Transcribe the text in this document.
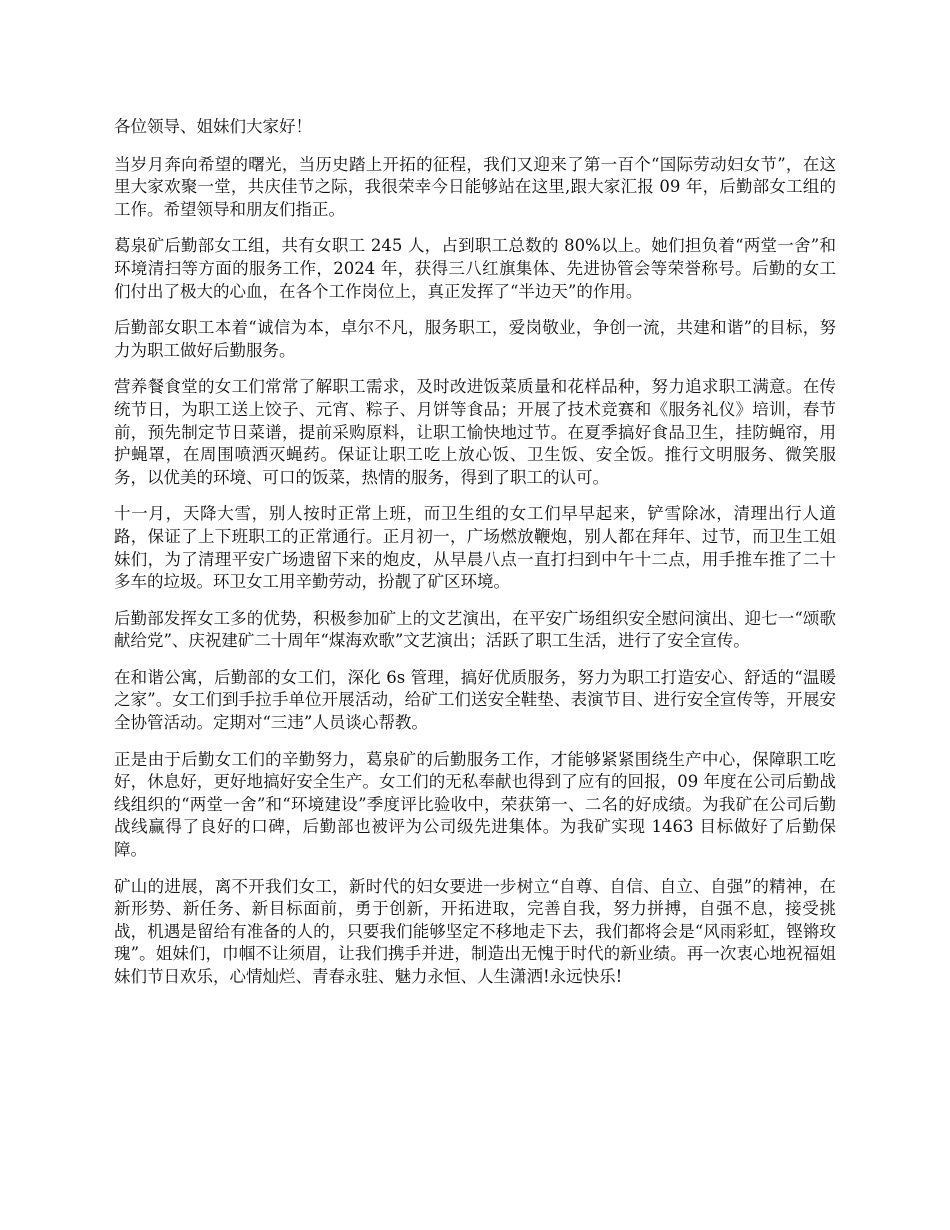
各位领导、姐妹们大家好！

当岁月奔向希望的曙光，当历史踏上开拓的征程，我们又迎来了第一百个“国际劳动妇女节”，在这里大家欢聚一堂，共庆佳节之际，我很荣幸今日能够站在这里,跟大家汇报 09 年，后勤部女工组的工作。希望领导和朋友们指正。

葛泉矿后勤部女工组，共有女职工 245 人，占到职工总数的 80%以上。她们担负着“两堂一舍”和环境清扫等方面的服务工作，2024 年，获得三八红旗集体、先进协管会等荣誉称号。后勤的女工们付出了极大的心血，在各个工作岗位上，真正发挥了“半边天”的作用。

后勤部女职工本着“诚信为本，卓尔不凡，服务职工，爱岗敬业，争创一流，共建和谐”的目标，努力为职工做好后勤服务。

营养餐食堂的女工们常常了解职工需求，及时改进饭菜质量和花样品种，努力追求职工满意。在传统节日，为职工送上饺子、元宵、粽子、月饼等食品；开展了技术竞赛和《服务礼仪》培训，春节前，预先制定节日菜谱，提前采购原料，让职工愉快地过节。在夏季搞好食品卫生，挂防蝇帘，用护蝇罩，在周围喷洒灭蝇药。保证让职工吃上放心饭、卫生饭、安全饭。推行文明服务、微笑服务，以优美的环境、可口的饭菜，热情的服务，得到了职工的认可。

十一月，天降大雪，别人按时正常上班，而卫生组的女工们早早起来，铲雪除冰，清理出行人道路，保证了上下班职工的正常通行。正月初一，广场燃放鞭炮，别人都在拜年、过节，而卫生工姐妹们，为了清理平安广场遗留下来的炮皮，从早晨八点一直打扫到中午十二点，用手推车推了二十多车的垃圾。环卫女工用辛勤劳动，扮靓了矿区环境。

后勤部发挥女工多的优势，积极参加矿上的文艺演出，在平安广场组织安全慰问演出、迎七一“颂歌献给党”、庆祝建矿二十周年“煤海欢歌”文艺演出；活跃了职工生活，进行了安全宣传。

在和谐公寓，后勤部的女工们，深化 6s 管理，搞好优质服务，努力为职工打造安心、舒适的“温暖之家”。女工们到手拉手单位开展活动，给矿工们送安全鞋垫、表演节目、进行安全宣传等，开展安全协管活动。定期对“三违”人员谈心帮教。

正是由于后勤女工们的辛勤努力，葛泉矿的后勤服务工作，才能够紧紧围绕生产中心，保障职工吃好，休息好，更好地搞好安全生产。女工们的无私奉献也得到了应有的回报，09 年度在公司后勤战线组织的“两堂一舍”和“环境建设”季度评比验收中，荣获第一、二名的好成绩。为我矿在公司后勤战线赢得了良好的口碑，后勤部也被评为公司级先进集体。为我矿实现 1463 目标做好了后勤保障。

矿山的进展，离不开我们女工，新时代的妇女要进一步树立“自尊、自信、自立、自强”的精神，在新形势、新任务、新目标面前，勇于创新，开拓进取，完善自我，努力拼搏，自强不息，接受挑战，机遇是留给有准备的人的，只要我们能够坚定不移地走下去，我们都将会是“风雨彩虹，铿锵玫瑰”。姐妹们，巾帼不让须眉，让我们携手并进，制造出无愧于时代的新业绩。再一次衷心地祝福姐妹们节日欢乐，心情灿烂、青春永驻、魅力永恒、人生潇洒!永远快乐!
